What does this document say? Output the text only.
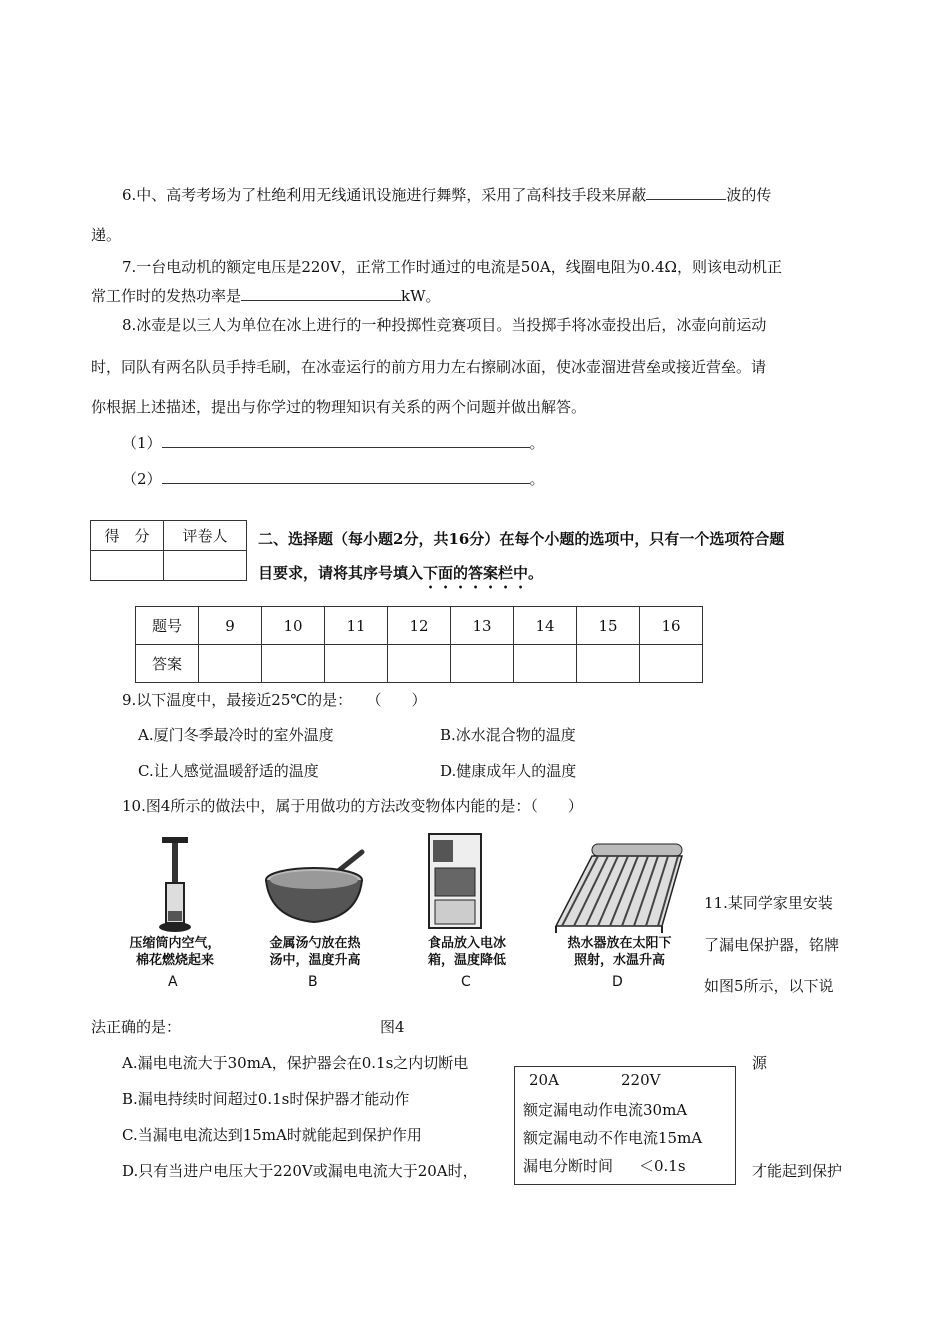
6.中、高考考场为了杜绝利用无线通讯设施进行舞弊，采用了高科技手段来屏蔽	波的传
递。
7.一台电动机的额定电压是220V，正常工作时通过的电流是50A，线圈电阻为0.4Ω，则该电动机正
常工作时的发热功率是	kW。
8.冰壶是以三人为单位在冰上进行的一种投掷性竞赛项目。当投掷手将冰壶投出后，冰壶向前运动
时，同队有两名队员手持毛刷，在冰壶运行的前方用力左右擦刷冰面，使冰壶溜进营垒或接近营垒。请
你根据上述描述，提出与你学过的物理知识有关系的两个问题并做出解答。
（1）	。
（2）	。
得　分	评卷人
	二、选择题（每小题2分，共16分）在每个小题的选项中，只有一个选项符合题
目要求，请将其序号填入下面的答案栏中。
题号	9	10	11	12	13	14	15	16
答案								
9.以下温度中，最接近25℃的是： （　　）
A.厦门冬季最冷时的室外温度	B.冰水混合物的温度
C.让人感觉温暖舒适的温度	D.健康成年人的温度
10.图4所示的做法中，属于用做功的方法改变物体内能的是：（　　）
压缩筒内空气，
棉花燃烧起来
A
金属汤勺放在热
汤中，温度升高
B
食品放入电冰
箱，温度降低
C
热水器放在太阳下
照射，水温升高
D
11.某同学家里安装
了漏电保护器，铭牌
如图5所示，以下说
法正确的是：	图4
A.漏电电流大于30mA，保护器会在0.1s之内切断电	源
B.漏电持续时间超过0.1s时保护器才能动作
C.当漏电电流达到15mA时就能起到保护作用
D.只有当进户电压大于220V或漏电电流大于20A时，	才能起到保护
20A	220V
额定漏电动作电流30mA
额定漏电动不作电流15mA
漏电分断时间 ＜0.1s
